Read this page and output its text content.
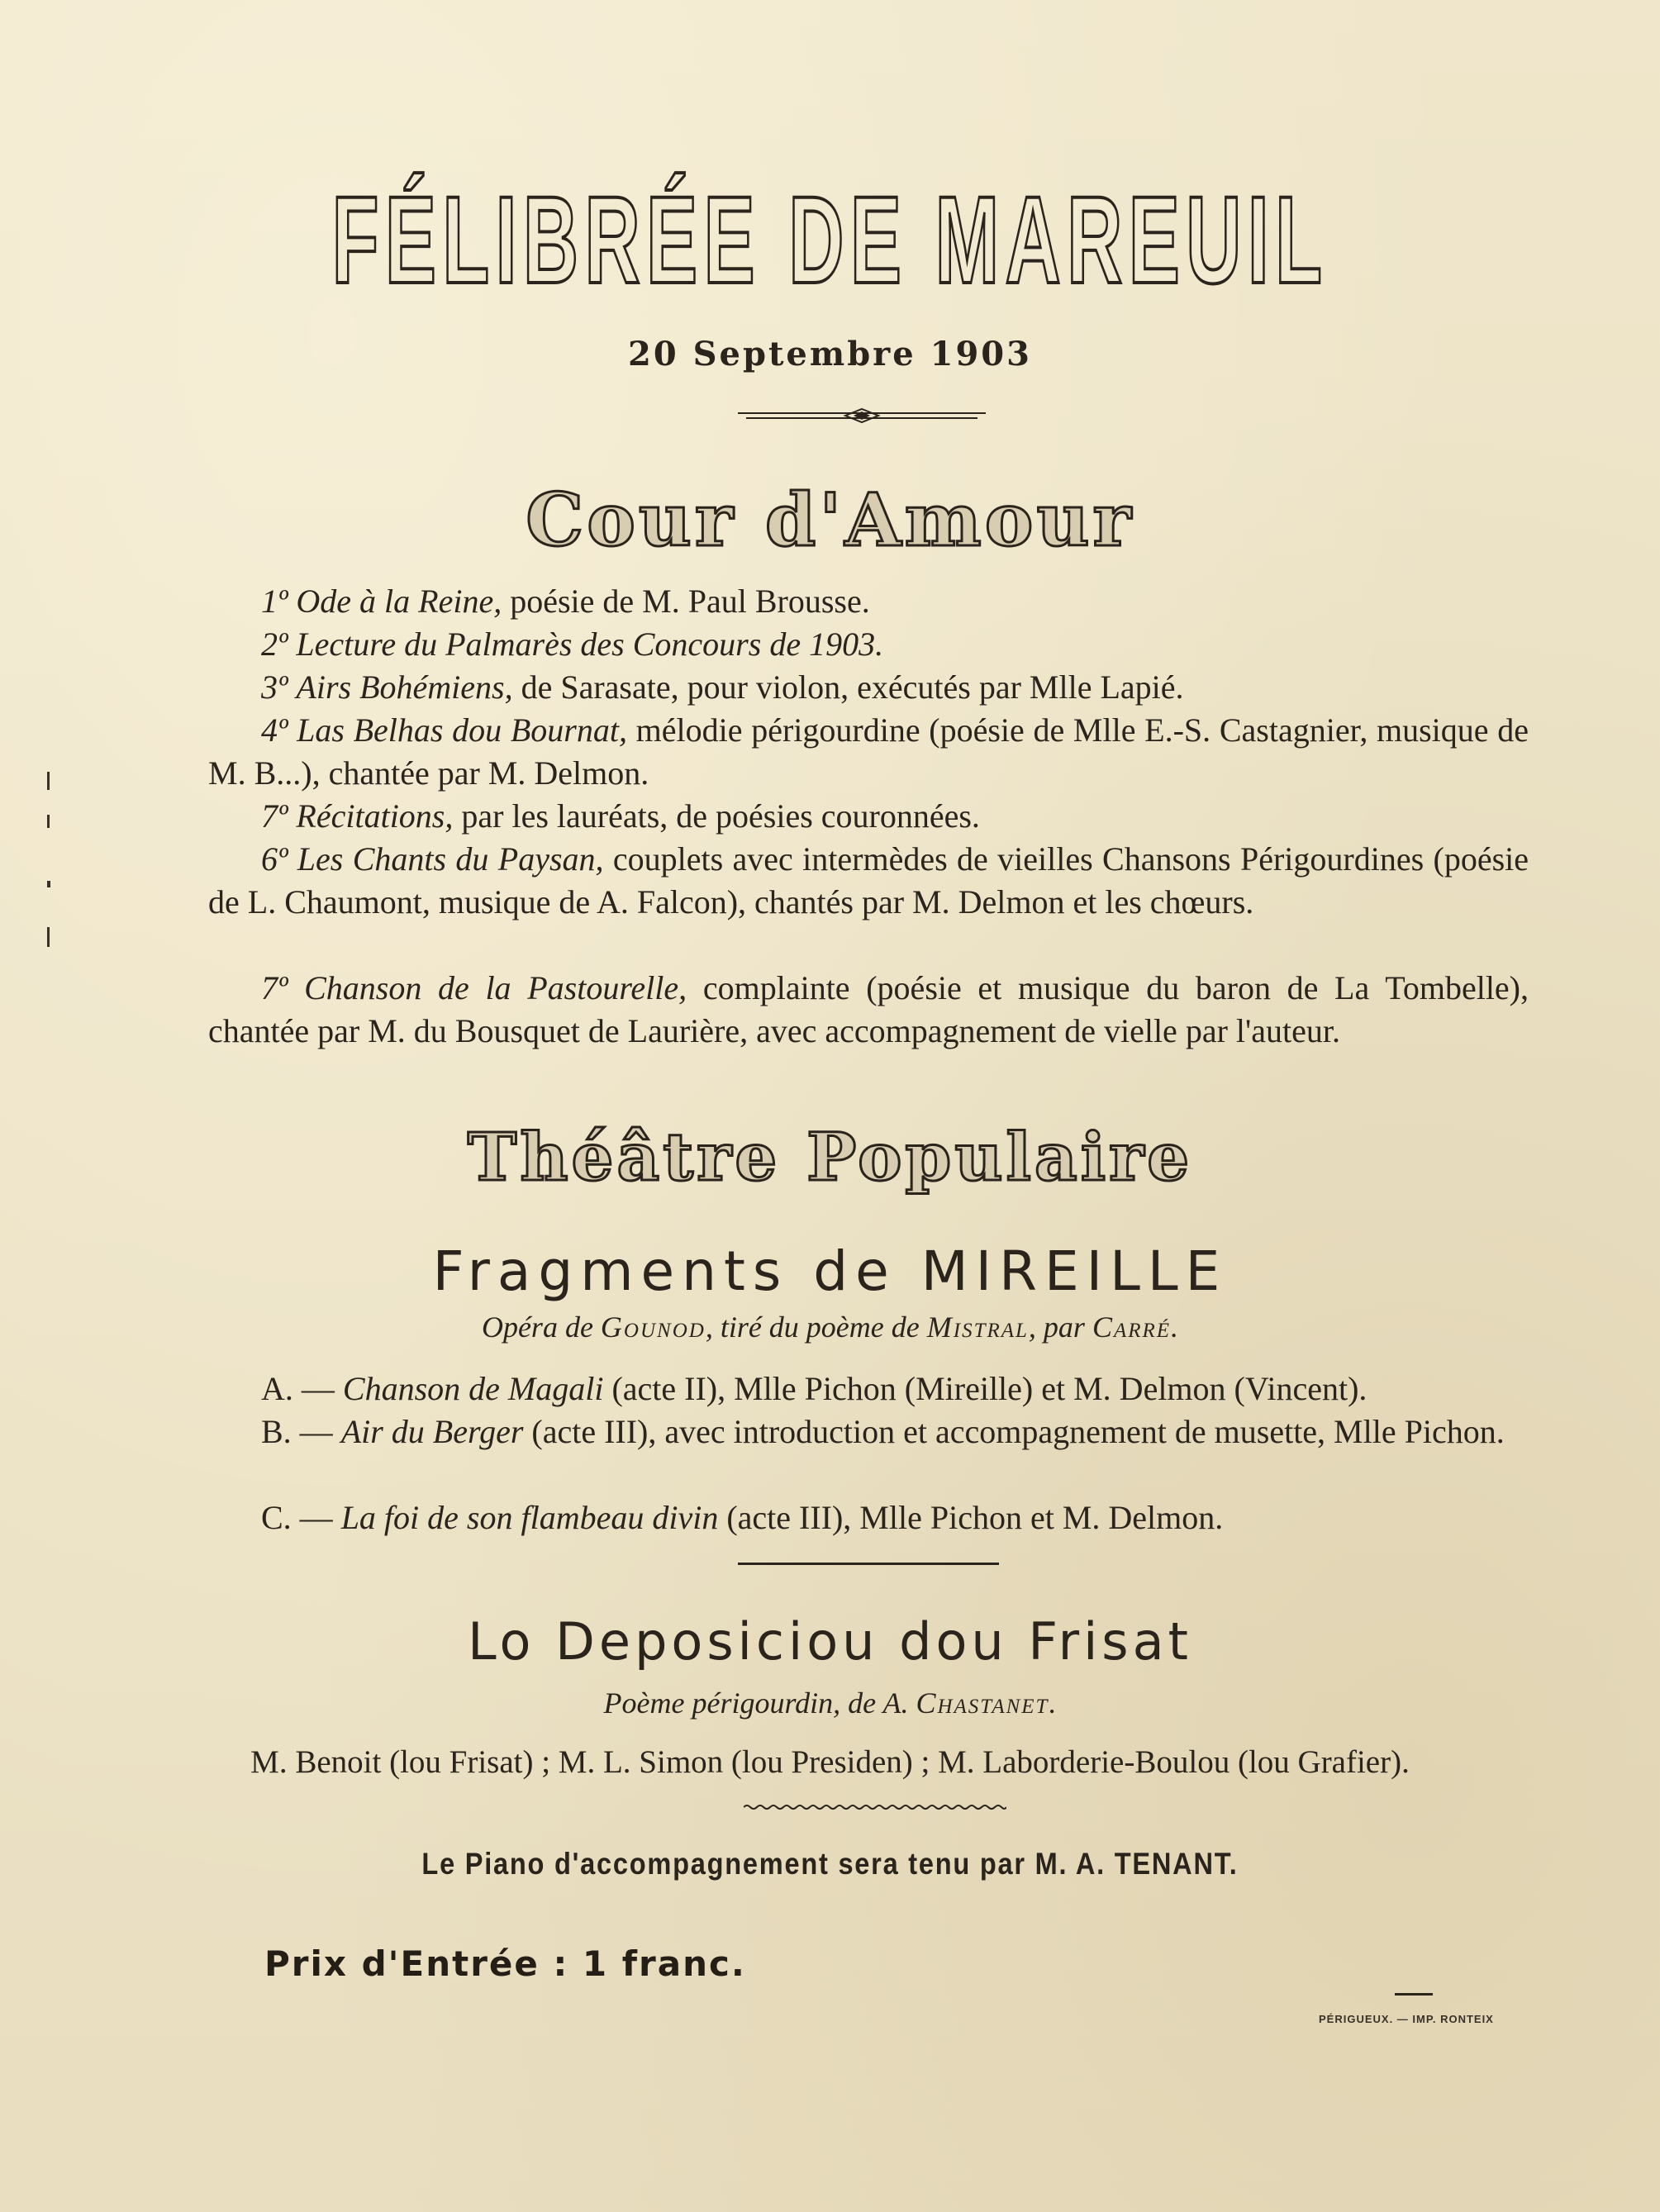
FÉLIBRÉE DE MAREUIL
20 Septembre 1903
Cour d'Amour
1º Ode à la Reine, poésie de M. Paul Brousse.
2º Lecture du Palmarès des Concours de 1903.
3º Airs Bohémiens, de Sarasate, pour violon, exécutés par Mlle Lapié.
4º Las Belhas dou Bournat, mélodie périgourdine (poésie de Mlle E.-S. Castagnier, musique de M. B...), chantée par M. Delmon.
7º Récitations, par les lauréats, de poésies couronnées.
6º Les Chants du Paysan, couplets avec intermèdes de vieilles Chansons Périgourdines (poésie de L. Chaumont, musique de A. Falcon), chantés par M. Delmon et les chœurs.
7º Chanson de la Pastourelle, complainte (poésie et musique du baron de La Tombelle), chantée par M. du Bousquet de Laurière, avec accompagnement de vielle par l'auteur.
Théâtre Populaire
Fragments de MIREILLE
Opéra de Gounod, tiré du poème de Mistral, par Carré.
A. — Chanson de Magali (acte II), Mlle Pichon (Mireille) et M. Delmon (Vincent).
B. — Air du Berger (acte III), avec introduction et accompagnement de musette, Mlle Pichon.
C. — La foi de son flambeau divin (acte III), Mlle Pichon et M. Delmon.
Lo Deposiciou dou Frisat
Poème périgourdin, de A. Chastanet.
M. Benoit (lou Frisat) ; M. L. Simon (lou Presiden) ; M. Laborderie-Boulou (lou Grafier).
Le Piano d'accompagnement sera tenu par M. A. TENANT.
Prix d'Entrée : 1 franc.
PÉRIGUEUX. — IMP. RONTEIX
